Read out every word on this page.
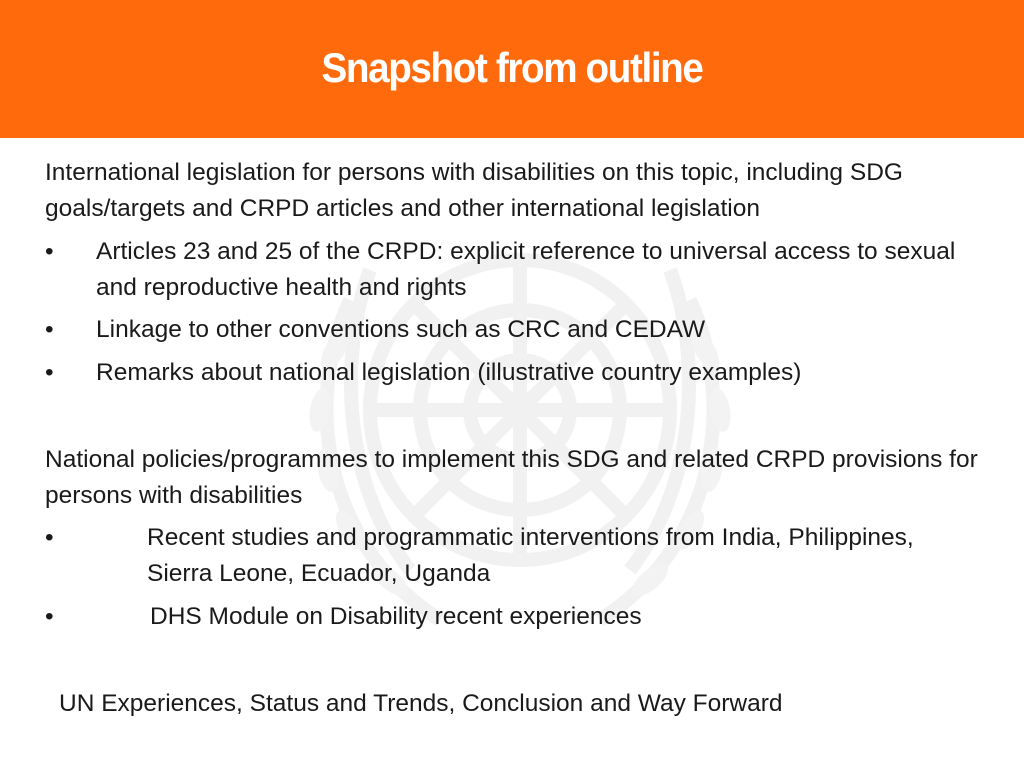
Snapshot from outline

International legislation for persons with disabilities on this topic, including SDG goals/targets and CRPD articles and other international legislation

• Articles 23 and 25 of the CRPD: explicit reference to universal access to sexual and reproductive health and rights
• Linkage to other conventions such as CRC and CEDAW
• Remarks about national legislation (illustrative country examples)

National policies/programmes to implement this SDG and related CRPD provisions for persons with disabilities

•	Recent studies and programmatic interventions from India, Philippines, Sierra Leone, Ecuador, Uganda
•	DHS Module on Disability recent experiences
UN Experiences, Status and Trends, Conclusion and Way Forward
